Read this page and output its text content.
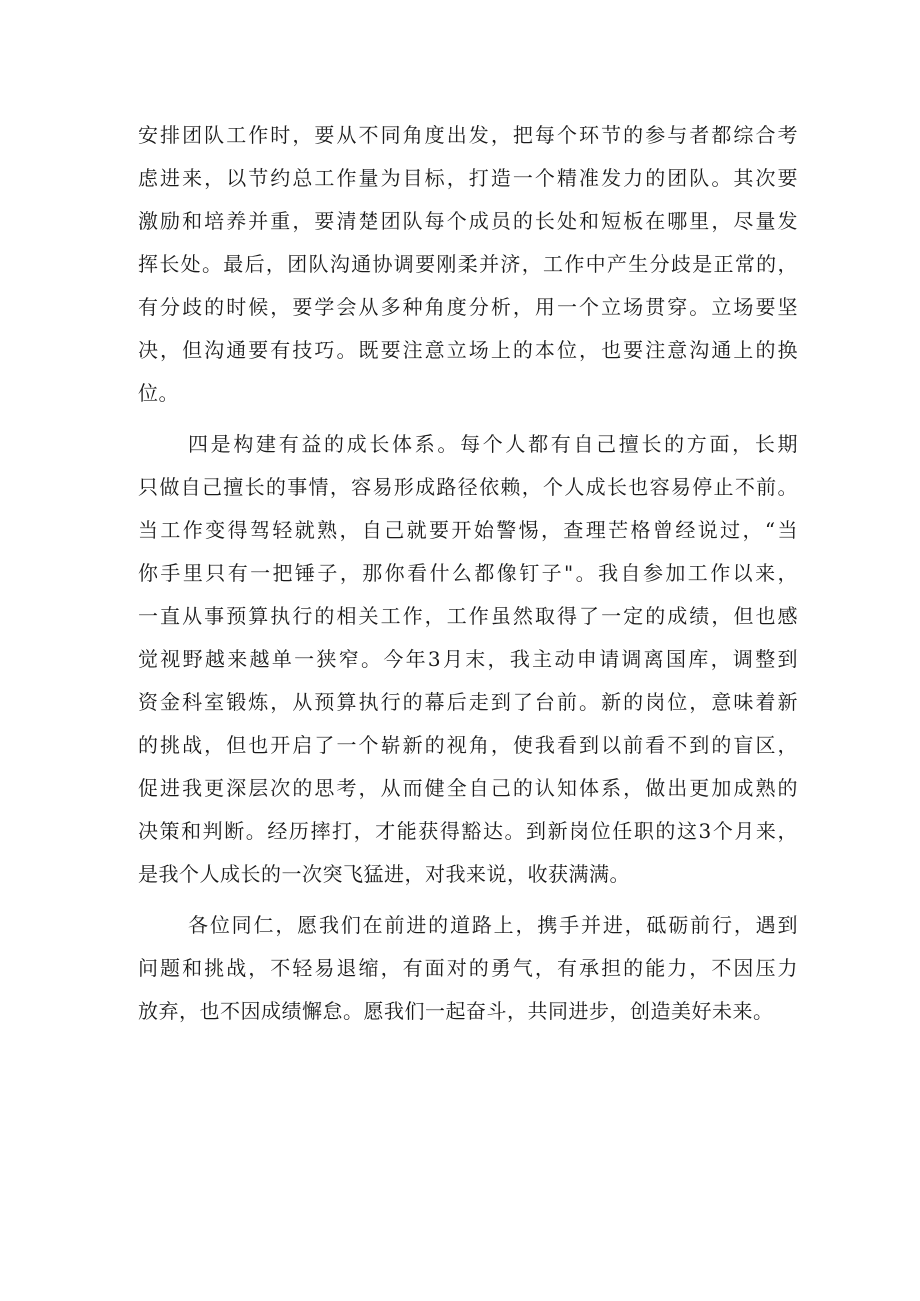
安排团队工作时，要从不同角度出发，把每个环节的参与者都综合考
虑进来，以节约总工作量为目标，打造一个精准发力的团队。其次要
激励和培养并重，要清楚团队每个成员的长处和短板在哪里，尽量发
挥长处。最后，团队沟通协调要刚柔并济，工作中产生分歧是正常的，
有分歧的时候，要学会从多种角度分析，用一个立场贯穿。立场要坚
决，但沟通要有技巧。既要注意立场上的本位，也要注意沟通上的换
位。
四是构建有益的成长体系。每个人都有自己擅长的方面，长期
只做自己擅长的事情，容易形成路径依赖，个人成长也容易停止不前。
当工作变得驾轻就熟，自己就要开始警惕，查理芒格曾经说过，“当
你手里只有一把锤子，那你看什么都像钉子"。我自参加工作以来，
一直从事预算执行的相关工作，工作虽然取得了一定的成绩，但也感
觉视野越来越单一狭窄。今年3月末，我主动申请调离国库，调整到
资金科室锻炼，从预算执行的幕后走到了台前。新的岗位，意味着新
的挑战，但也开启了一个崭新的视角，使我看到以前看不到的盲区，
促进我更深层次的思考，从而健全自己的认知体系，做出更加成熟的
决策和判断。经历摔打，才能获得豁达。到新岗位任职的这3个月来，
是我个人成长的一次突飞猛进，对我来说，收获满满。
各位同仁，愿我们在前进的道路上，携手并进，砥砺前行，遇到
问题和挑战，不轻易退缩，有面对的勇气，有承担的能力，不因压力
放弃，也不因成绩懈怠。愿我们一起奋斗，共同进步，创造美好未来。
